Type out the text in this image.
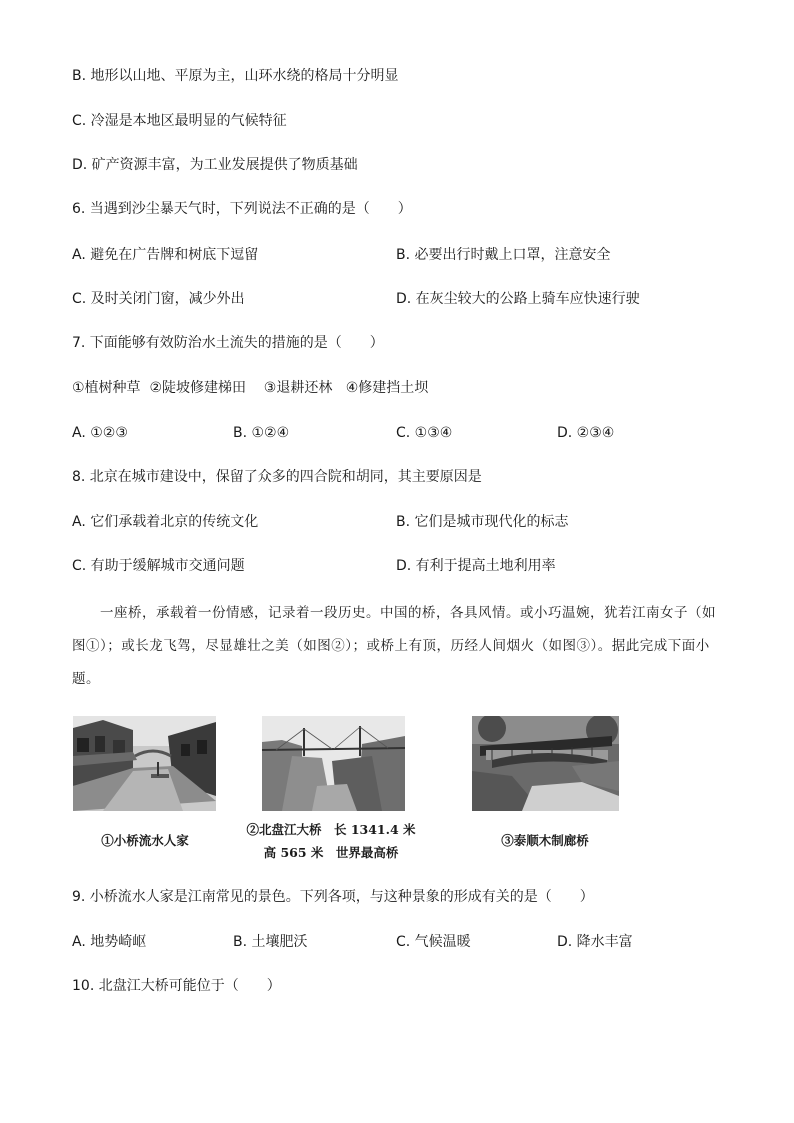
B. 地形以山地、平原为主，山环水绕的格局十分明显
C. 冷湿是本地区最明显的气候特征
D. 矿产资源丰富，为工业发展提供了物质基础
6. 当遇到沙尘暴天气时，下列说法不正确的是（　　）
A. 避免在广告牌和树底下逗留	B. 必要出行时戴上口罩，注意安全
C. 及时关闭门窗，减少外出	D. 在灰尘较大的公路上骑车应快速行驶
7. 下面能够有效防治水土流失的措施的是（　　）
①植树种草  ②陡坡修建梯田    ③退耕还林   ④修建挡土坝
A. ①②③	B. ①②④	C. ①③④	D. ②③④
8. 北京在城市建设中，保留了众多的四合院和胡同，其主要原因是
A. 它们承载着北京的传统文化	B. 它们是城市现代化的标志
C. 有助于缓解城市交通问题	D. 有利于提高土地利用率
一座桥，承载着一份情感，记录着一段历史。中国的桥，各具风情。或小巧温婉，犹若江南女子（如图①）；或长龙飞驾，尽显雄壮之美（如图②）；或桥上有顶，历经人间烟火（如图③）。据此完成下面小题。
①小桥流水人家
②北盘江大桥　长 1341.4 米
高 565 米　世界最高桥
③泰顺木制廊桥
9. 小桥流水人家是江南常见的景色。下列各项，与这种景象的形成有关的是（　　）
A. 地势崎岖	B. 土壤肥沃	C. 气候温暖	D. 降水丰富
10. 北盘江大桥可能位于（　　）
